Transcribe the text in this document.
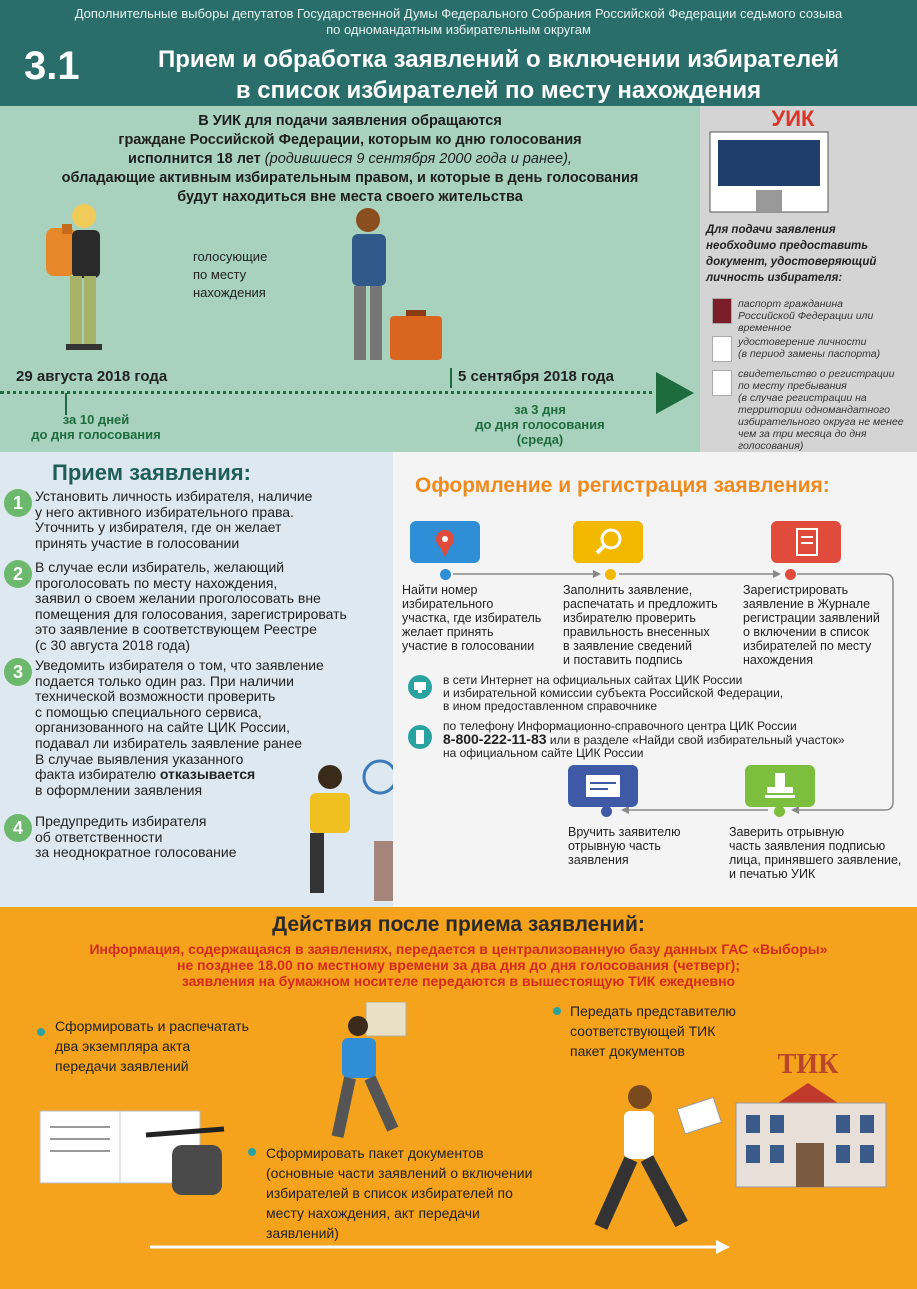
Дополнительные выборы депутатов Государственной Думы Федерального Собрания Российской Федерации седьмого созыва
по одномандатным избирательным округам
3.1	Прием и обработка заявлений о включении избирателей
в список избирателей по месту нахождения
В УИК для подачи заявления обращаются
граждане Российской Федерации, которым ко дню голосования
исполнится 18 лет (родившиеся 9 сентября 2000 года и ранее),
обладающие активным избирательным правом, и которые в день голосования
будут находиться вне места своего жительства
голосующие
по месту
нахождения
29 августа 2018 года	5 сентября 2018 года
за 10 дней
до дня голосования
за 3 дня
до дня голосования
(среда)
УИК
Для подачи заявления
необходимо предоставить
документ, удостоверяющий
личность избирателя:
паспорт гражданина
Российской Федерации или
временное
удостоверение личности
(в период замены паспорта)
свидетельство о регистрации
по месту пребывания
(в случае регистрации на
территории одномандатного
избирательного округа не менее
чем за три месяца до дня
голосования)
Прием заявления:
1 Установить личность избирателя, наличие
у него активного избирательного права.
Уточнить у избирателя, где он желает
принять участие в голосовании
2 В случае если избиратель, желающий
проголосовать по месту нахождения,
заявил о своем желании проголосовать вне
помещения для голосования, зарегистрировать
это заявление в соответствующем Реестре
(с 30 августа 2018 года)
3 Уведомить избирателя о том, что заявление
подается только один раз. При наличии
технической возможности проверить
с помощью специального сервиса,
организованного на сайте ЦИК России,
подавал ли избиратель заявление ранее
В случае выявления указанного
факта избирателю отказывается
в оформлении заявления
4 Предупредить избирателя
об ответственности
за неоднократное голосование
Оформление и регистрация заявления:
Найти номер
избирательного
участка, где избиратель
желает принять
участие в голосовании
Заполнить заявление,
распечатать и предложить
избирателю проверить
правильность внесенных
в заявление сведений
и поставить подпись
Зарегистрировать
заявление в Журнале
регистрации заявлений
о включении в список
избирателей по месту
нахождения
в сети Интернет на официальных сайтах ЦИК России
и избирательной комиссии субъекта Российской Федерации,
в ином предоставленном справочнике
по телефону Информационно-справочного центра ЦИК России
8-800-222-11-83 или в разделе «Найди свой избирательный участок»
на официальном сайте ЦИК России
Вручить заявителю
отрывную часть
заявления
Заверить отрывную
часть заявления подписью
лица, принявшего заявление,
и печатью УИК
Действия после приема заявлений:
Информация, содержащаяся в заявлениях, передается в централизованную базу данных ГАС «Выборы»
не позднее 18.00 по местному времени за два дня до дня голосования (четверг);
заявления на бумажном носителе передаются в вышестоящую ТИК ежедневно
Сформировать и распечатать
два экземпляра акта
передачи заявлений
Передать представителю
соответствующей ТИК
пакет документов
Сформировать пакет документов
(основные части заявлений о включении
избирателей в список избирателей по
месту нахождения, акт передачи
заявлений)
ТИК
